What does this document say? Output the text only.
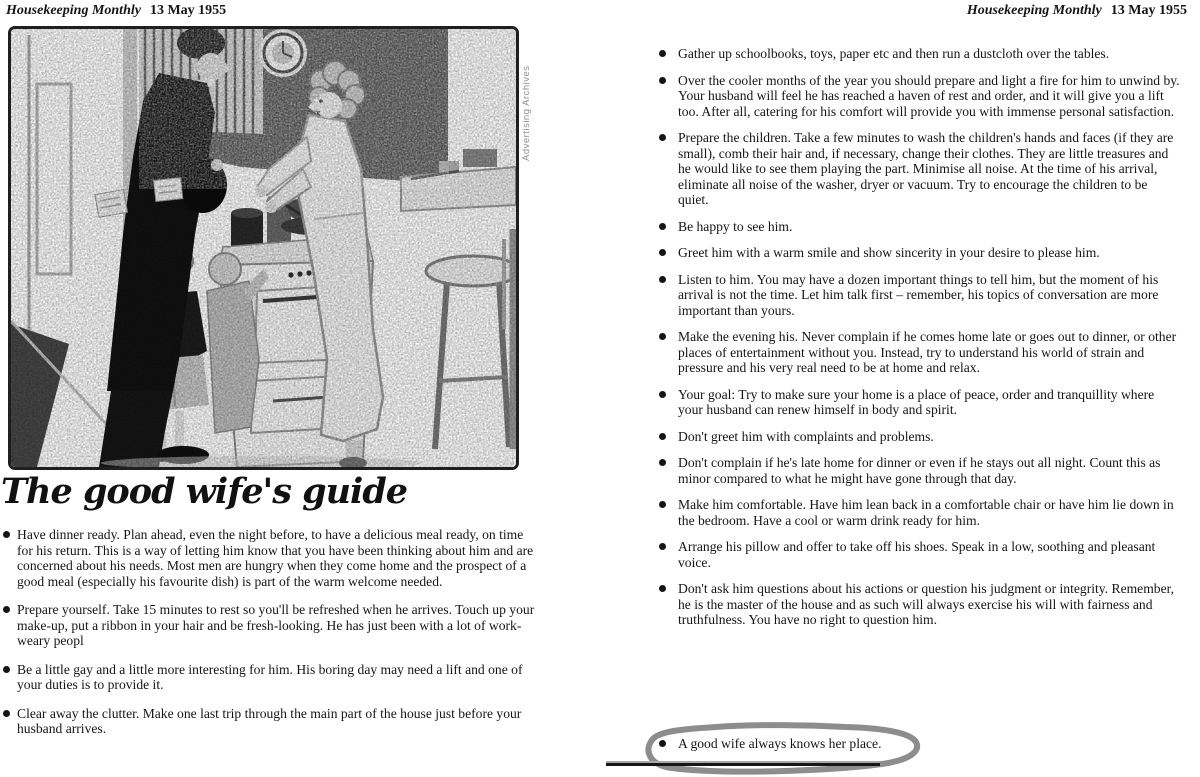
Housekeeping Monthly 13 May 1955	Housekeeping Monthly 13 May 1955
Advertising Archives
The good wife's guide
Have dinner ready. Plan ahead, even the night before, to have a delicious meal ready, on time for his return. This is a way of letting him know that you have been thinking about him and are concerned about his needs. Most men are hungry when they come home and the prospect of a good meal (especially his favourite dish) is part of the warm welcome needed.
Prepare yourself. Take 15 minutes to rest so you'll be refreshed when he arrives. Touch up your make-up, put a ribbon in your hair and be fresh-looking. He has just been with a lot of work-weary peopl
Be a little gay and a little more interesting for him. His boring day may need a lift and one of your duties is to provide it.
Clear away the clutter. Make one last trip through the main part of the house just before your husband arrives.
Gather up schoolbooks, toys, paper etc and then run a dustcloth over the tables.
Over the cooler months of the year you should prepare and light a fire for him to unwind by. Your husband will feel he has reached a haven of rest and order, and it will give you a lift too. After all, catering for his comfort will provide you with immense personal satisfaction.
Prepare the children. Take a few minutes to wash the children's hands and faces (if they are small), comb their hair and, if necessary, change their clothes. They are little treasures and he would like to see them playing the part. Minimise all noise. At the time of his arrival, eliminate all noise of the washer, dryer or vacuum. Try to encourage the children to be quiet.
Be happy to see him.
Greet him with a warm smile and show sincerity in your desire to please him.
Listen to him. You may have a dozen important things to tell him, but the moment of his arrival is not the time. Let him talk first – remember, his topics of conversation are more important than yours.
Make the evening his. Never complain if he comes home late or goes out to dinner, or other places of entertainment without you. Instead, try to understand his world of strain and pressure and his very real need to be at home and relax.
Your goal: Try to make sure your home is a place of peace, order and tranquillity where your husband can renew himself in body and spirit.
Don't greet him with complaints and problems.
Don't complain if he's late home for dinner or even if he stays out all night. Count this as minor compared to what he might have gone through that day.
Make him comfortable. Have him lean back in a comfortable chair or have him lie down in the bedroom. Have a cool or warm drink ready for him.
Arrange his pillow and offer to take off his shoes. Speak in a low, soothing and pleasant voice.
Don't ask him questions about his actions or question his judgment or integrity. Remember, he is the master of the house and as such will always exercise his will with fairness and truthfulness. You have no right to question him.
A good wife always knows her place.
